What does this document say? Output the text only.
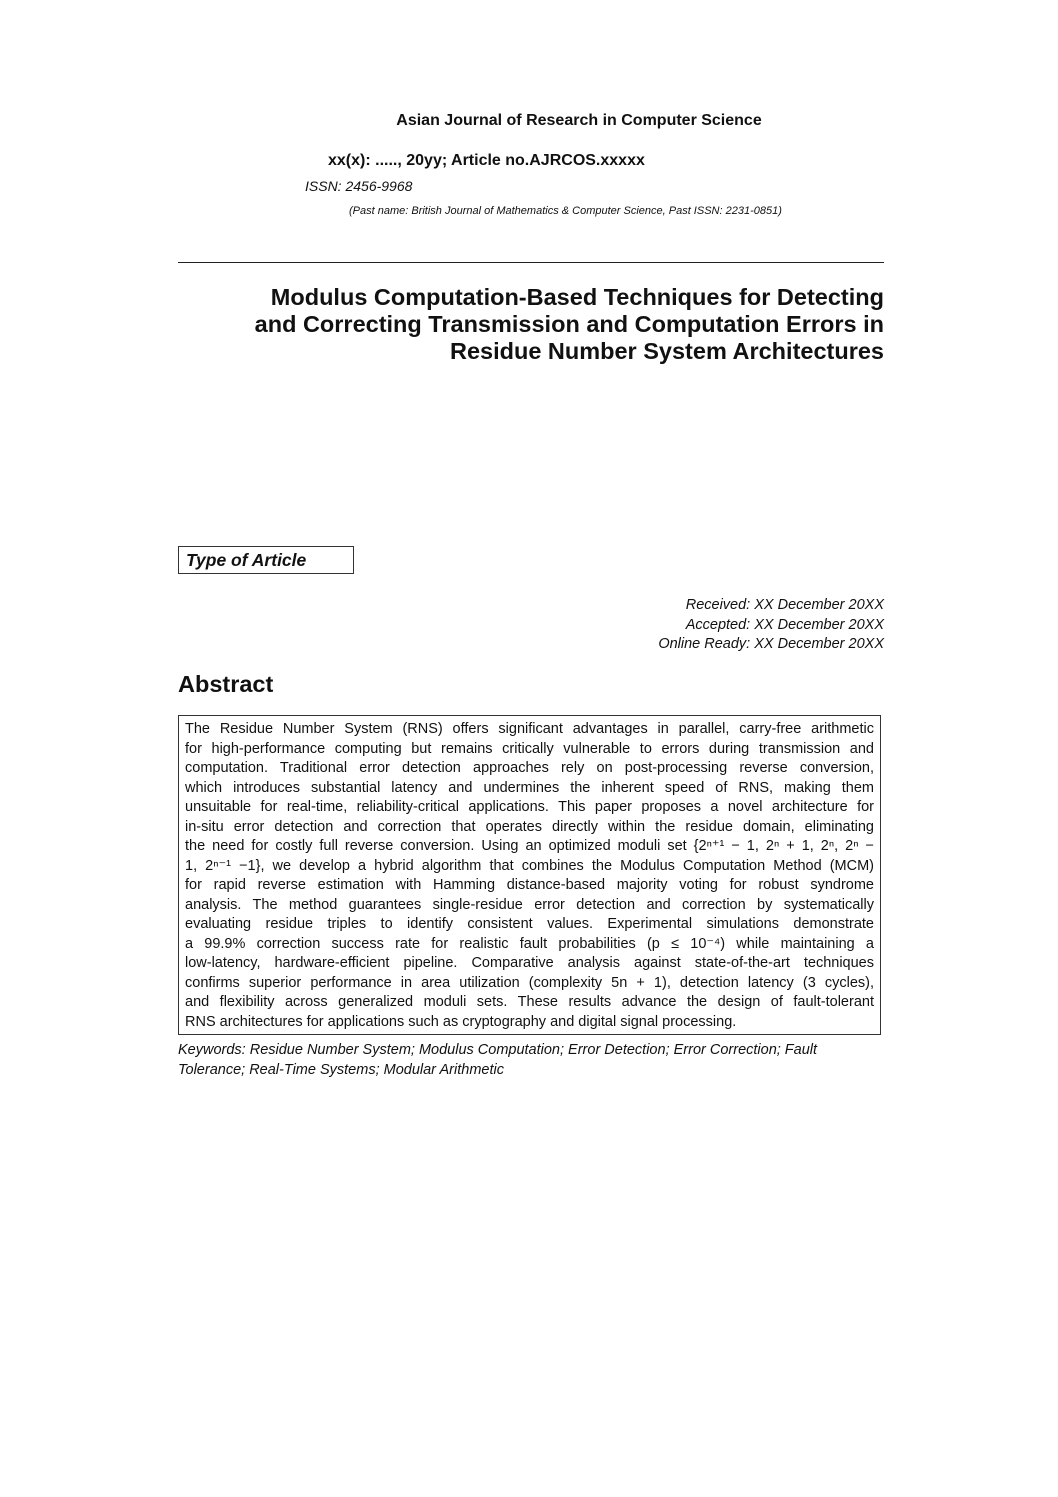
Asian Journal of Research in Computer Science
xx(x): ....., 20yy; Article no.AJRCOS.xxxxx
ISSN: 2456-9968
(Past name: British Journal of Mathematics & Computer Science, Past ISSN: 2231-0851)
Modulus Computation-Based Techniques for Detecting
and Correcting Transmission and Computation Errors in
Residue Number System Architectures
Type of Article
Received: XX December 20XX
Accepted: XX December 20XX
Online Ready: XX December 20XX
Abstract
The Residue Number System (RNS) offers significant advantages in parallel, carry-free arithmetic
for high-performance computing but remains critically vulnerable to errors during transmission and
computation. Traditional error detection approaches rely on post-processing reverse conversion,
which introduces substantial latency and undermines the inherent speed of RNS, making them
unsuitable for real-time, reliability-critical applications. This paper proposes a novel architecture for
in-situ error detection and correction that operates directly within the residue domain, eliminating
the need for costly full reverse conversion. Using an optimized moduli set {2ⁿ⁺¹ − 1, 2ⁿ + 1, 2ⁿ, 2ⁿ −
1, 2ⁿ⁻¹ −1}, we develop a hybrid algorithm that combines the Modulus Computation Method (MCM)
for rapid reverse estimation with Hamming distance-based majority voting for robust syndrome
analysis. The method guarantees single-residue error detection and correction by systematically
evaluating residue triples to identify consistent values. Experimental simulations demonstrate
a 99.9% correction success rate for realistic fault probabilities (p ≤ 10⁻⁴) while maintaining a
low-latency, hardware-efficient pipeline. Comparative analysis against state-of-the-art techniques
confirms superior performance in area utilization (complexity 5n + 1), detection latency (3 cycles),
and flexibility across generalized moduli sets. These results advance the design of fault-tolerant
RNS architectures for applications such as cryptography and digital signal processing.
Keywords: Residue Number System; Modulus Computation; Error Detection; Error Correction; Fault Tolerance; Real-Time Systems; Modular Arithmetic
